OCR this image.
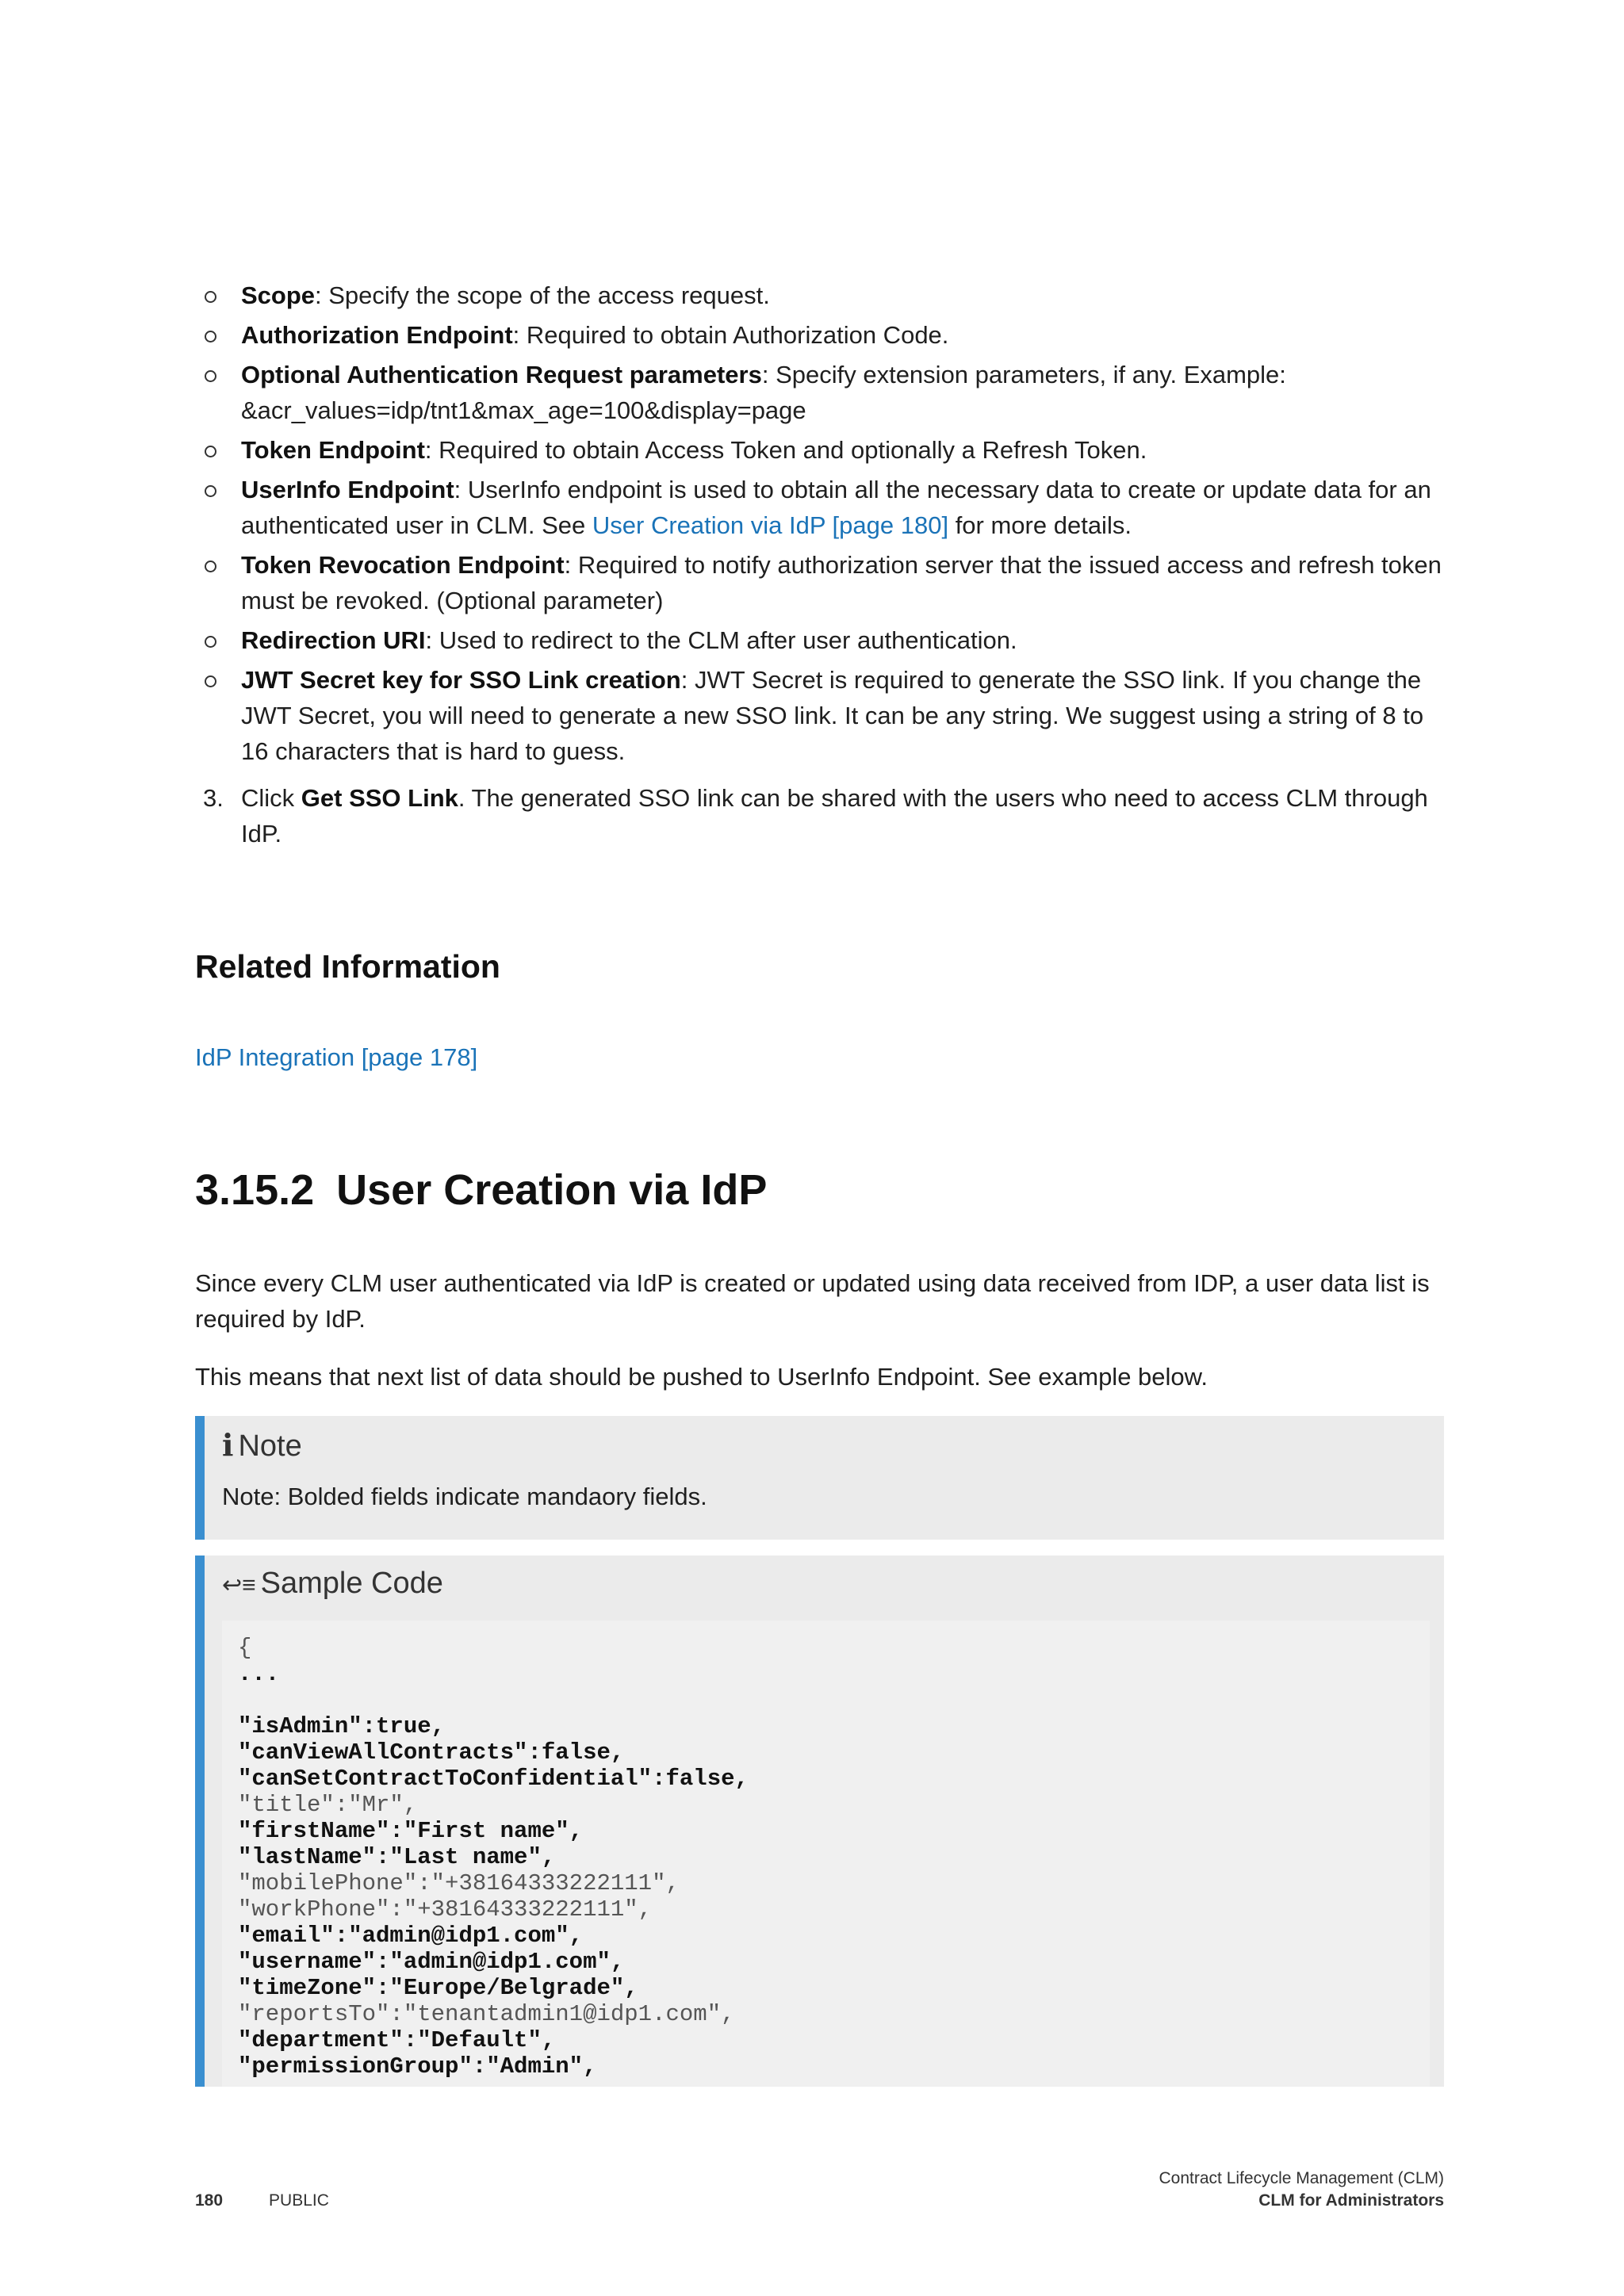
Scope: Specify the scope of the access request.
Authorization Endpoint: Required to obtain Authorization Code.
Optional Authentication Request parameters: Specify extension parameters, if any. Example: &acr_values=idp/tnt1&max_age=100&display=page
Token Endpoint: Required to obtain Access Token and optionally a Refresh Token.
UserInfo Endpoint: UserInfo endpoint is used to obtain all the necessary data to create or update data for an authenticated user in CLM. See User Creation via IdP [page 180] for more details.
Token Revocation Endpoint: Required to notify authorization server that the issued access and refresh token must be revoked. (Optional parameter)
Redirection URI: Used to redirect to the CLM after user authentication.
JWT Secret key for SSO Link creation: JWT Secret is required to generate the SSO link. If you change the JWT Secret, you will need to generate a new SSO link. It can be any string. We suggest using a string of 8 to 16 characters that is hard to guess.
3. Click Get SSO Link. The generated SSO link can be shared with the users who need to access CLM through IdP.
Related Information
IdP Integration [page 178]
3.15.2 User Creation via IdP

Since every CLM user authenticated via IdP is created or updated using data received from IDP, a user data list is required by IdP.

This means that next list of data should be pushed to UserInfo Endpoint. See example below.

i Note
Note: Bolded fields indicate mandaory fields.
↩≡ Sample Code
{
...
"isAdmin":true,
"canViewAllContracts":false,
"canSetContractToConfidential":false,
"title":"Mr",
"firstName":"First name",
"lastName":"Last name",
"mobilePhone":"+38164333222111",
"workPhone":"+38164333222111",
"email":"admin@idp1.com",
"username":"admin@idp1.com",
"timeZone":"Europe/Belgrade",
"reportsTo":"tenantadmin1@idp1.com",
"department":"Default",
"permissionGroup":"Admin",
180	PUBLIC
Contract Lifecycle Management (CLM)
CLM for Administrators
